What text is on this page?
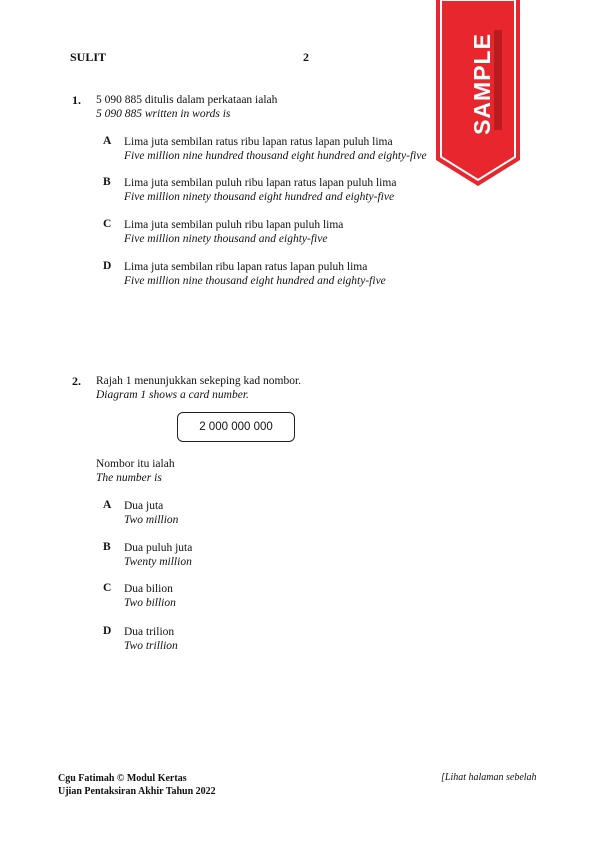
SULIT	2
1. 5 090 885 ditulis dalam perkataan ialah
5 090 885 written in words is
A Lima juta sembilan ratus ribu lapan ratus lapan puluh lima
Five million nine hundred thousand eight hundred and eighty-five
B Lima juta sembilan puluh ribu lapan ratus lapan puluh lima
Five million ninety thousand eight hundred and eighty-five
C Lima juta sembilan puluh ribu lapan puluh lima
Five million ninety thousand and eighty-five
D Lima juta sembilan ribu lapan ratus lapan puluh lima
Five million nine thousand eight hundred and eighty-five
2. Rajah 1 menunjukkan sekeping kad nombor.
Diagram 1 shows a card number.
2 000 000 000
Nombor itu ialah
The number is
A Dua juta
Two million
B Dua puluh juta
Twenty million
C Dua bilion
Two billion
D Dua trilion
Two trillion
Cgu Fatimah © Modul Kertas
Ujian Pentaksiran Akhir Tahun 2022
[Lihat halaman sebelah
SAMPLE
